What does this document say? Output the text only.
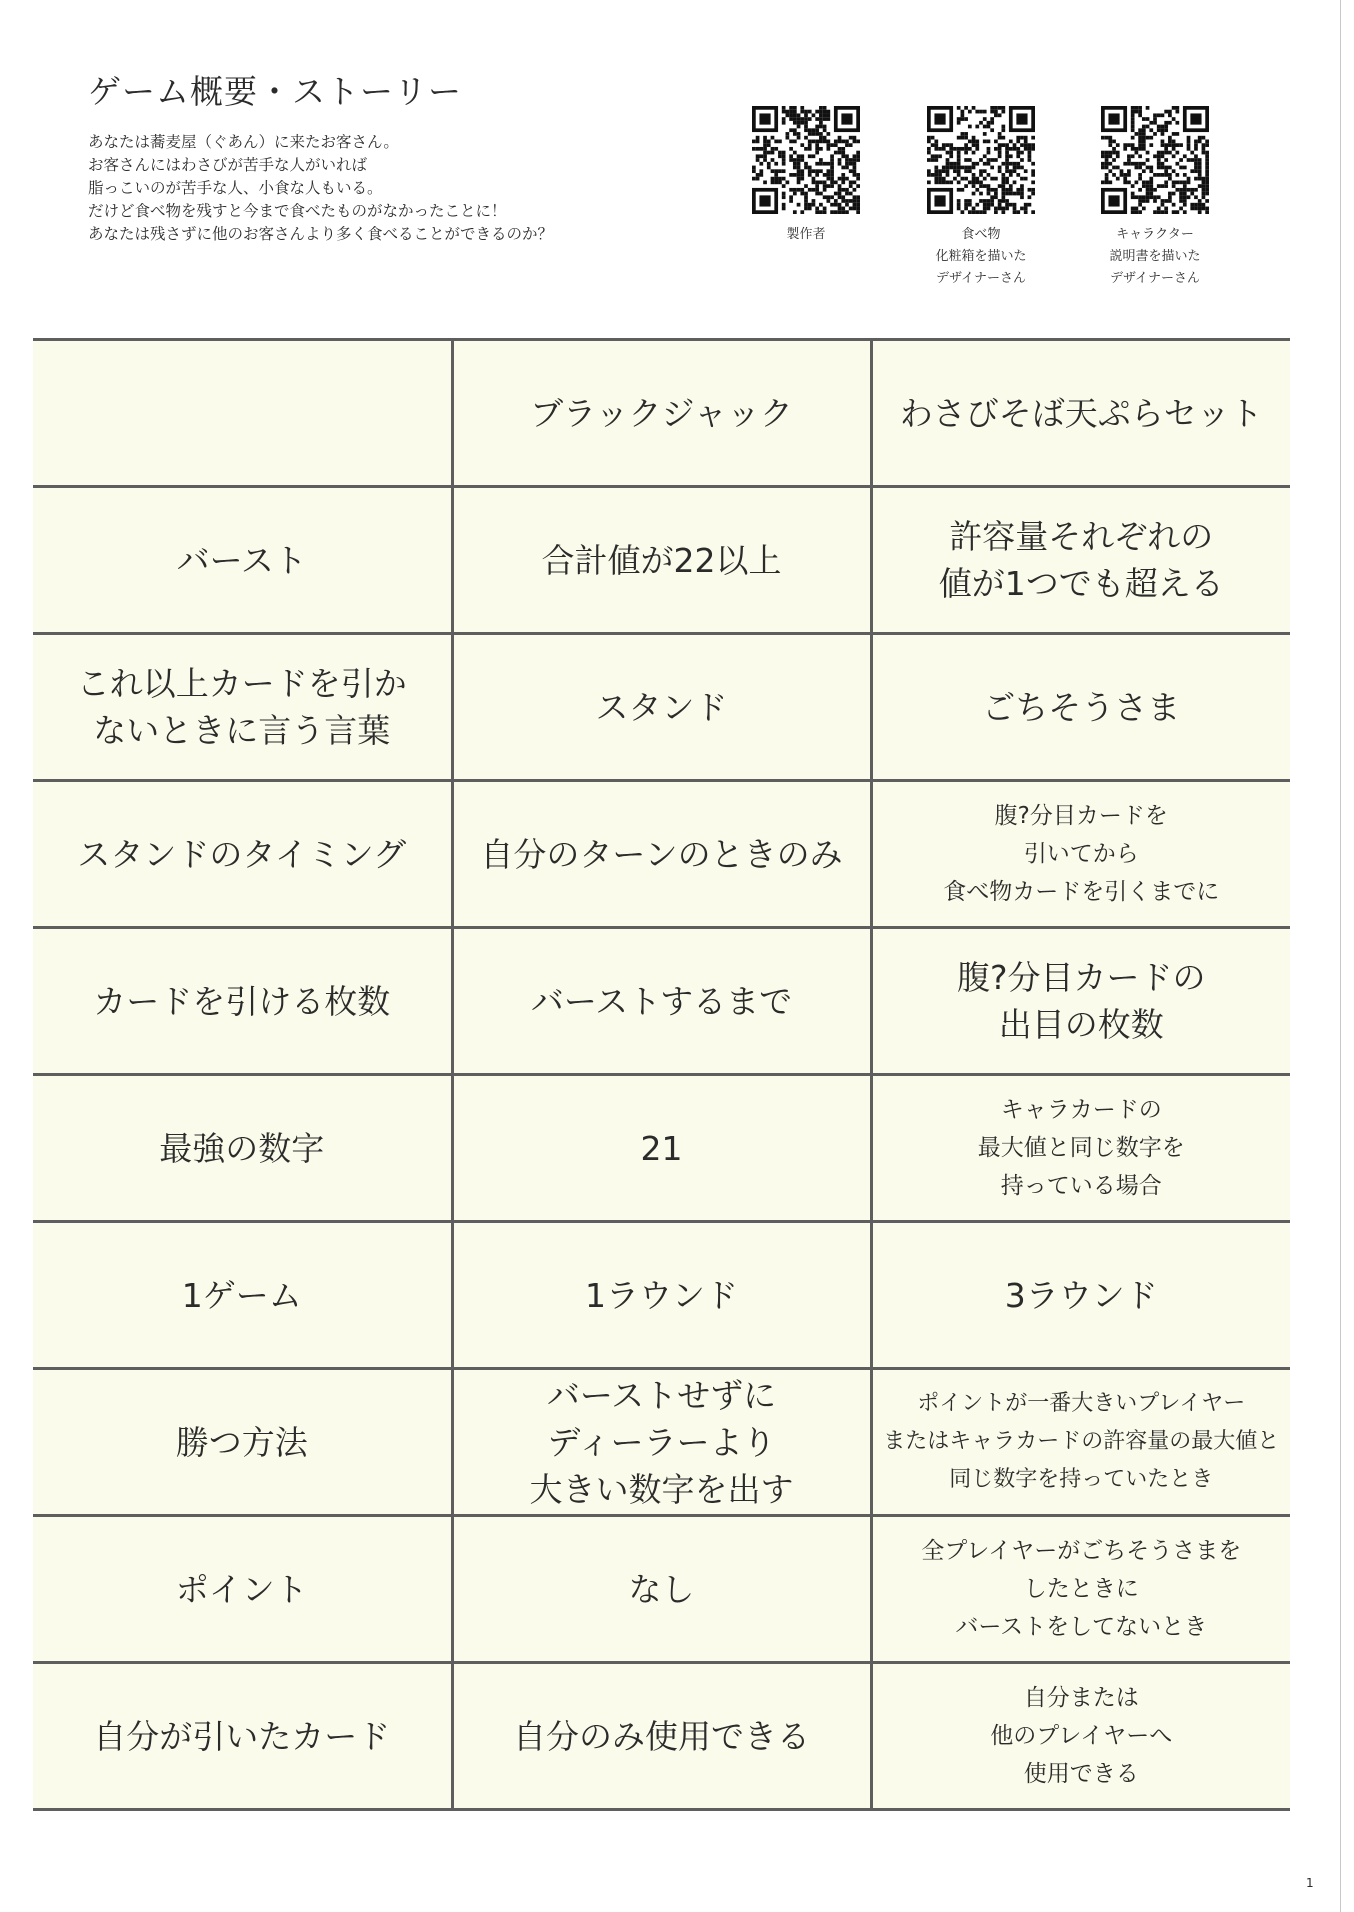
ゲーム概要・ストーリー
あなたは蕎麦屋（ぐあん）に来たお客さん。
お客さんにはわさびが苦手な人がいれば
脂っこいのが苦手な人、小食な人もいる。
だけど食べ物を残すと今まで食べたものがなかったことに！
あなたは残さずに他のお客さんより多く食べることができるのか？	製作者	食べ物
化粧箱を描いた
デザイナーさん
キャラクター
説明書を描いた
デザイナーさん
	ブラックジャック	わさびそば天ぷらセット
バースト	合計値が22以上	許容量それぞれの
値が1つでも超える
これ以上カードを引か
ないときに言う言葉	スタンド	ごちそうさま
スタンドのタイミング	自分のターンのときのみ	腹?分目カードを
引いてから
食べ物カードを引くまでに
カードを引ける枚数	バーストするまで	腹?分目カードの
出目の枚数
最強の数字	21	キャラカードの
最大値と同じ数字を
持っている場合
1ゲーム	1ラウンド	3ラウンド
勝つ方法	バーストせずに
ディーラーより
大きい数字を出す	ポイントが一番大きいプレイヤー
またはキャラカードの許容量の最大値と
同じ数字を持っていたとき
ポイント	なし	全プレイヤーがごちそうさまを
したときに
バーストをしてないとき
自分が引いたカード	自分のみ使用できる	自分または
他のプレイヤーへ
使用できる
1
